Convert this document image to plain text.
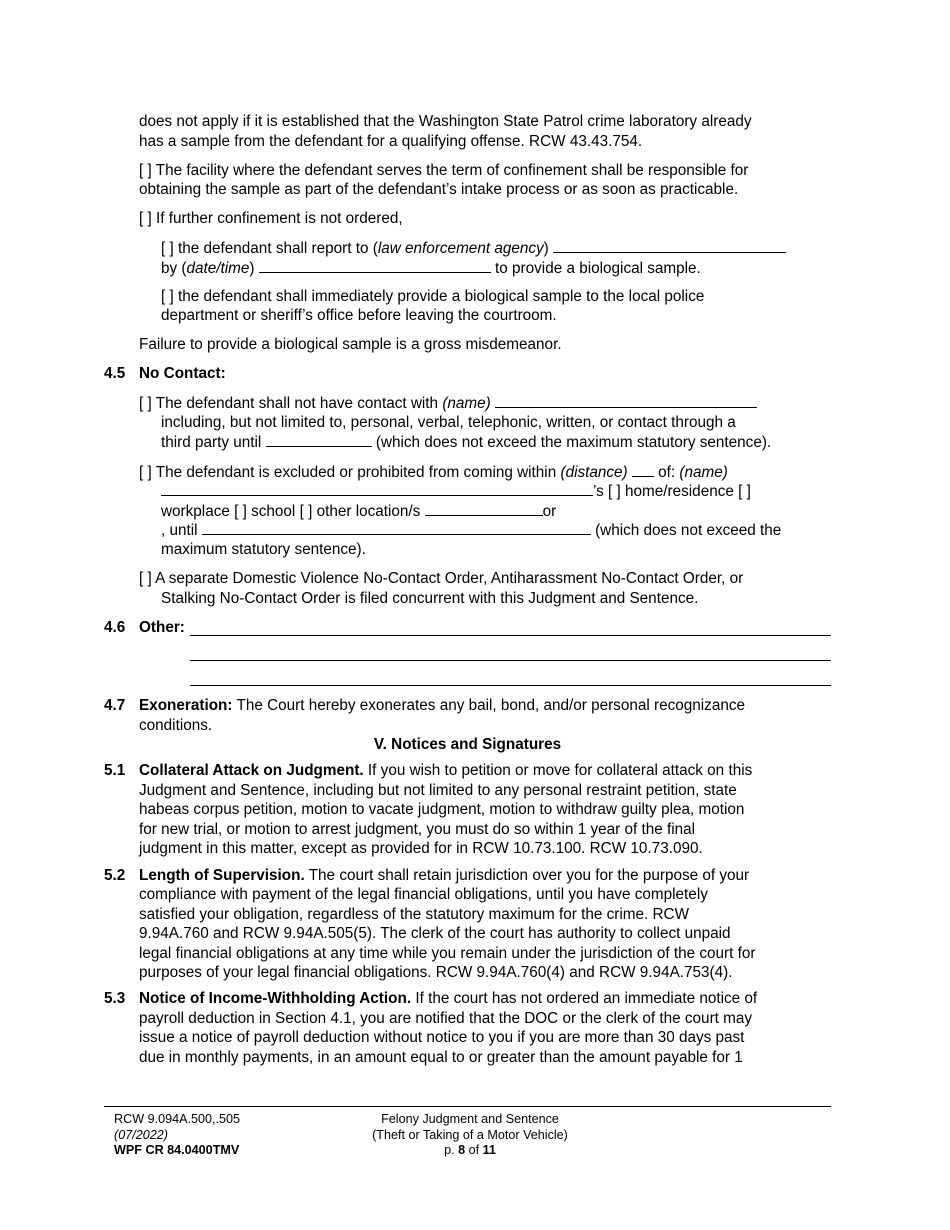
does not apply if it is established that the Washington State Patrol crime laboratory already
has a sample from the defendant for a qualifying offense. RCW 43.43.754.
[ ] The facility where the defendant serves the term of confinement shall be responsible for
obtaining the sample as part of the defendant’s intake process or as soon as practicable.
[ ] If further confinement is not ordered,
[ ] the defendant shall report to (law enforcement agency)
by (date/time)	to provide a biological sample.
[ ] the defendant shall immediately provide a biological sample to the local police
department or sheriff’s office before leaving the courtroom.
Failure to provide a biological sample is a gross misdemeanor.
4.5 No Contact:
[ ] The defendant shall not have contact with (name)
including, but not limited to, personal, verbal, telephonic, written, or contact through a
third party until	(which does not exceed the maximum statutory sentence).
[ ] The defendant is excluded or prohibited from coming within (distance) of: (name)
’s [ ] home/residence [ ]
workplace [ ] school [ ] other location/s	or
, until	(which does not exceed the
maximum statutory sentence).
[ ] A separate Domestic Violence No-Contact Order, Antiharassment No-Contact Order, or
Stalking No-Contact Order is filed concurrent with this Judgment and Sentence.
4.6 Other:
4.7 Exoneration: The Court hereby exonerates any bail, bond, and/or personal recognizance
conditions.
V. Notices and Signatures
5.1 Collateral Attack on Judgment. If you wish to petition or move for collateral attack on this
Judgment and Sentence, including but not limited to any personal restraint petition, state
habeas corpus petition, motion to vacate judgment, motion to withdraw guilty plea, motion
for new trial, or motion to arrest judgment, you must do so within 1 year of the final
judgment in this matter, except as provided for in RCW 10.73.100. RCW 10.73.090.
5.2 Length of Supervision. The court shall retain jurisdiction over you for the purpose of your
compliance with payment of the legal financial obligations, until you have completely
satisfied your obligation, regardless of the statutory maximum for the crime. RCW
9.94A.760 and RCW 9.94A.505(5). The clerk of the court has authority to collect unpaid
legal financial obligations at any time while you remain under the jurisdiction of the court for
purposes of your legal financial obligations. RCW 9.94A.760(4) and RCW 9.94A.753(4).
5.3 Notice of Income-Withholding Action. If the court has not ordered an immediate notice of
payroll deduction in Section 4.1, you are notified that the DOC or the clerk of the court may
issue a notice of payroll deduction without notice to you if you are more than 30 days past
due in monthly payments, in an amount equal to or greater than the amount payable for 1
RCW 9.094A.500,.505
(07/2022)
WPF CR 84.0400TMV
Felony Judgment and Sentence
(Theft or Taking of a Motor Vehicle)
p. 8 of 11
